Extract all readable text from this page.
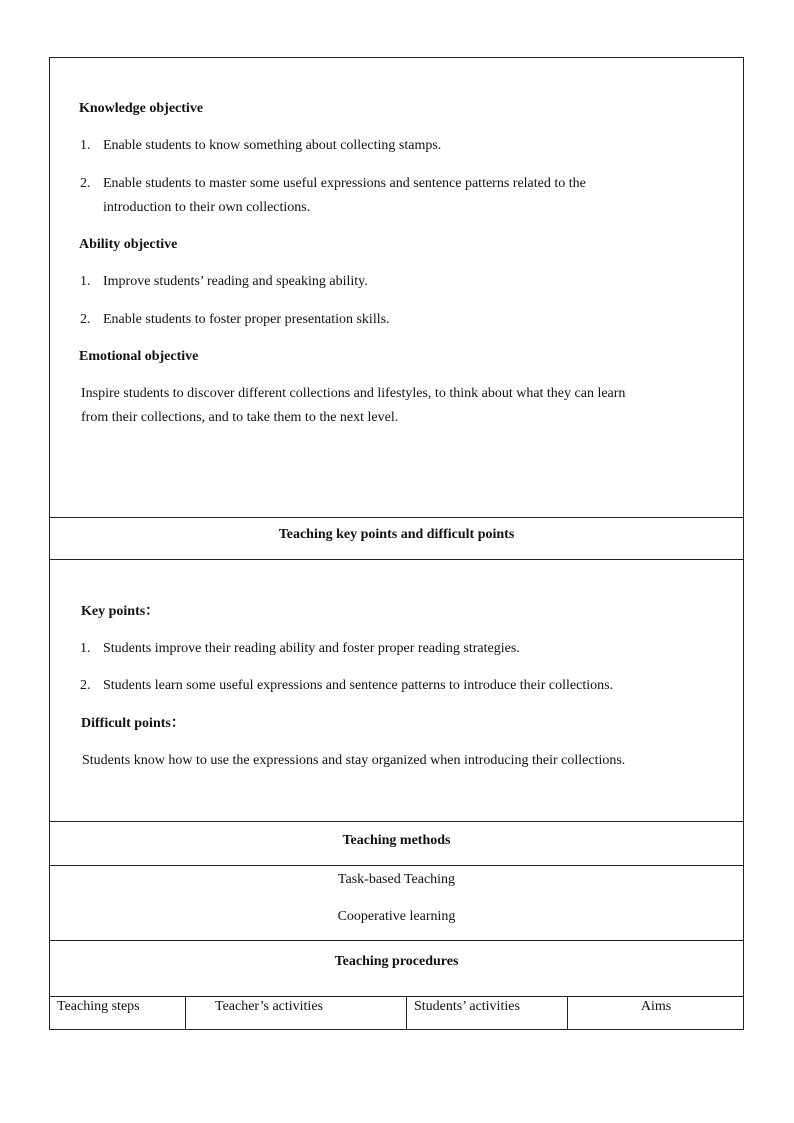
Knowledge objective
1. Enable students to know something about collecting stamps.
2. Enable students to master some useful expressions and sentence patterns related to the
introduction to their own collections.
Ability objective
1. Improve students’ reading and speaking ability.
2. Enable students to foster proper presentation skills.
Emotional objective
Inspire students to discover different collections and lifestyles, to think about what they can learn
from their collections, and to take them to the next level.
Teaching key points and difficult points
Key points：
1. Students improve their reading ability and foster proper reading strategies.
2. Students learn some useful expressions and sentence patterns to introduce their collections.
Difficult points：
Students know how to use the expressions and stay organized when introducing their collections.
Teaching methods
Task-based Teaching
Cooperative learning
Teaching procedures
Teaching steps	Teacher’s activities	Students’ activities	Aims
